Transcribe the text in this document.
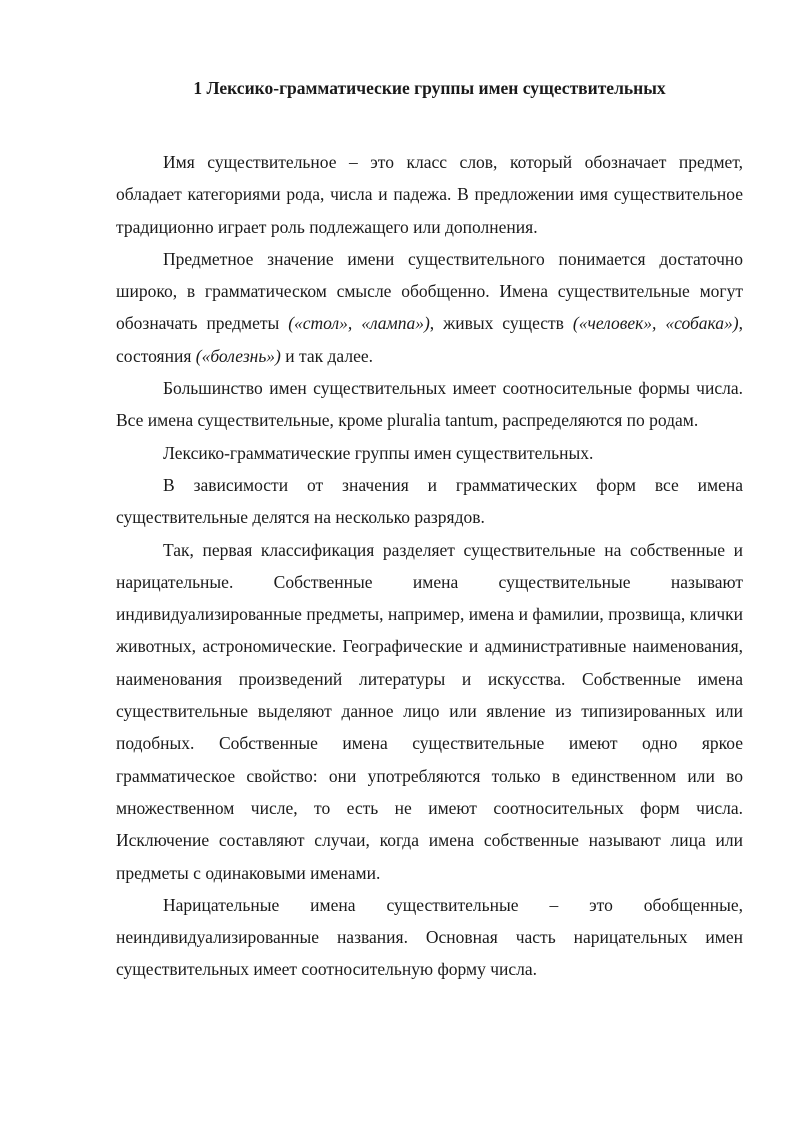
1 Лексико-грамматические группы имен существительных

Имя существительное – это класс слов, который обозначает предмет, обладает категориями рода, числа и падежа. В предложении имя существительное традиционно играет роль подлежащего или дополнения.

Предметное значение имени существительного понимается достаточно широко, в грамматическом смысле обобщенно. Имена существительные могут обозначать предметы («стол», «лампа»), живых существ («человек», «собака»), состояния («болезнь») и так далее.

Большинство имен существительных имеет соотносительные формы числа. Все имена существительные, кроме pluralia tantum, распределяются по родам.

Лексико-грамматические группы имен существительных.

В зависимости от значения и грамматических форм все имена существительные делятся на несколько разрядов.

Так, первая классификация разделяет существительные на собственные и нарицательные. Собственные имена существительные называют индивидуализированные предметы, например, имена и фамилии, прозвища, клички животных, астрономические. Географические и административные наименования, наименования произведений литературы и искусства. Собственные имена существительные выделяют данное лицо или явление из типизированных или подобных. Собственные имена существительные имеют одно яркое грамматическое свойство: они употребляются только в единственном или во множественном числе, то есть не имеют соотносительных форм числа. Исключение составляют случаи, когда имена собственные называют лица или предметы с одинаковыми именами.

Нарицательные имена существительные – это обобщенные, неиндивидуализированные названия. Основная часть нарицательных имен существительных имеет соотносительную форму числа.
